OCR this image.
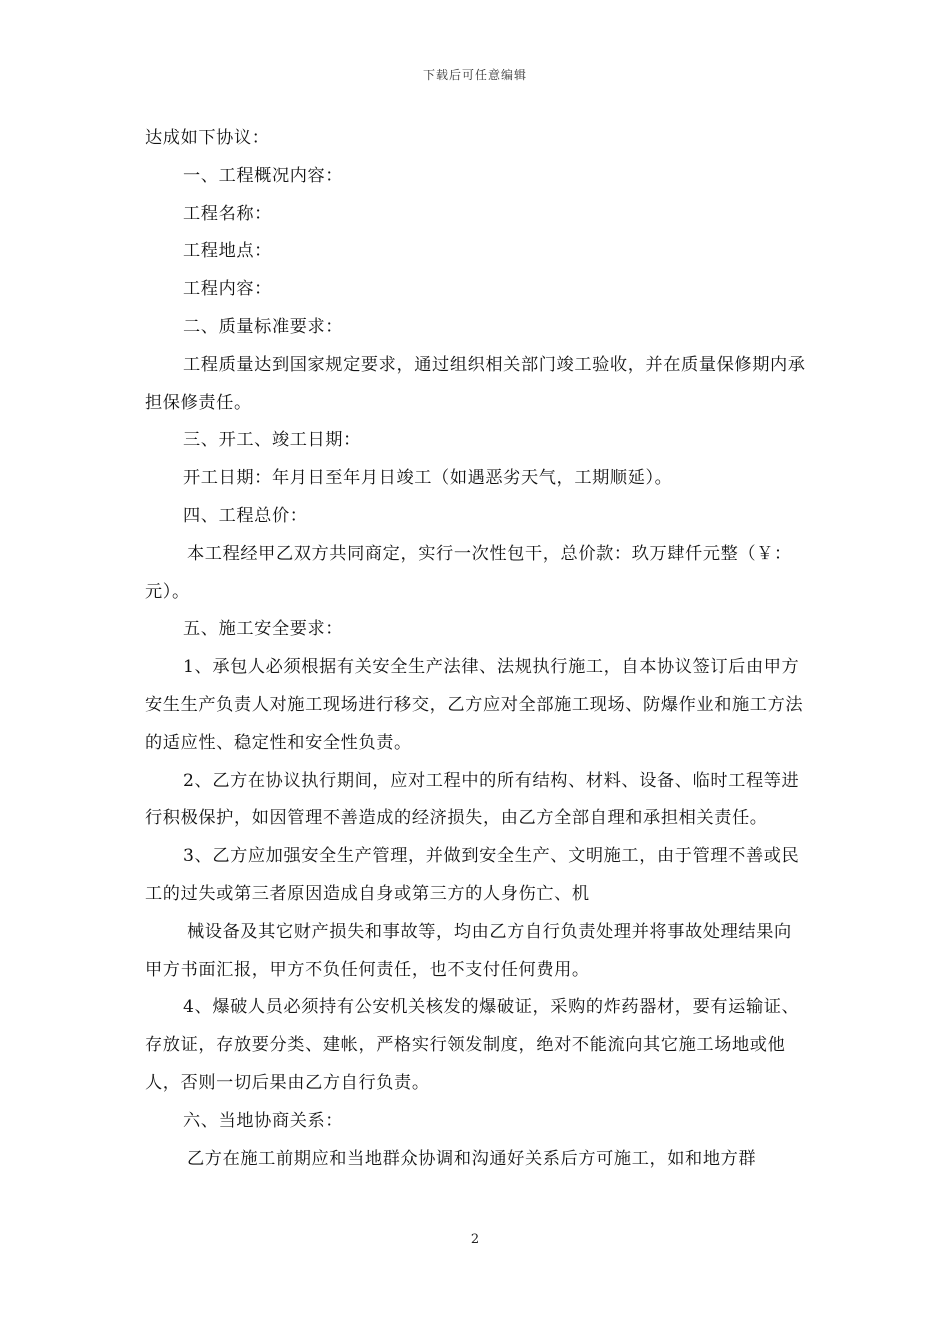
下载后可任意编辑

达成如下协议：

一、工程概况内容：

工程名称：

工程地点：

工程内容：

二、质量标准要求：

工程质量达到国家规定要求，通过组织相关部门竣工验收，并在质量保修期内承担保修责任。

三、开工、竣工日期：

开工日期：年月日至年月日竣工（如遇恶劣天气，工期顺延）。

四、工程总价：

本工程经甲乙双方共同商定，实行一次性包干，总价款：玖万肆仟元整（￥：元）。

五、施工安全要求：

1、承包人必须根据有关安全生产法律、法规执行施工，自本协议签订后由甲方安生生产负责人对施工现场进行移交，乙方应对全部施工现场、防爆作业和施工方法的适应性、稳定性和安全性负责。

2、乙方在协议执行期间，应对工程中的所有结构、材料、设备、临时工程等进行积极保护，如因管理不善造成的经济损失，由乙方全部自理和承担相关责任。

3、乙方应加强安全生产管理，并做到安全生产、文明施工，由于管理不善或民工的过失或第三者原因造成自身或第三方的人身伤亡、机

械设备及其它财产损失和事故等，均由乙方自行负责处理并将事故处理结果向甲方书面汇报，甲方不负任何责任，也不支付任何费用。

4、爆破人员必须持有公安机关核发的爆破证，采购的炸药器材，要有运输证、存放证，存放要分类、建帐，严格实行领发制度，绝对不能流向其它施工场地或他人，否则一切后果由乙方自行负责。

六、当地协商关系：

乙方在施工前期应和当地群众协调和沟通好关系后方可施工，如和地方群

2
